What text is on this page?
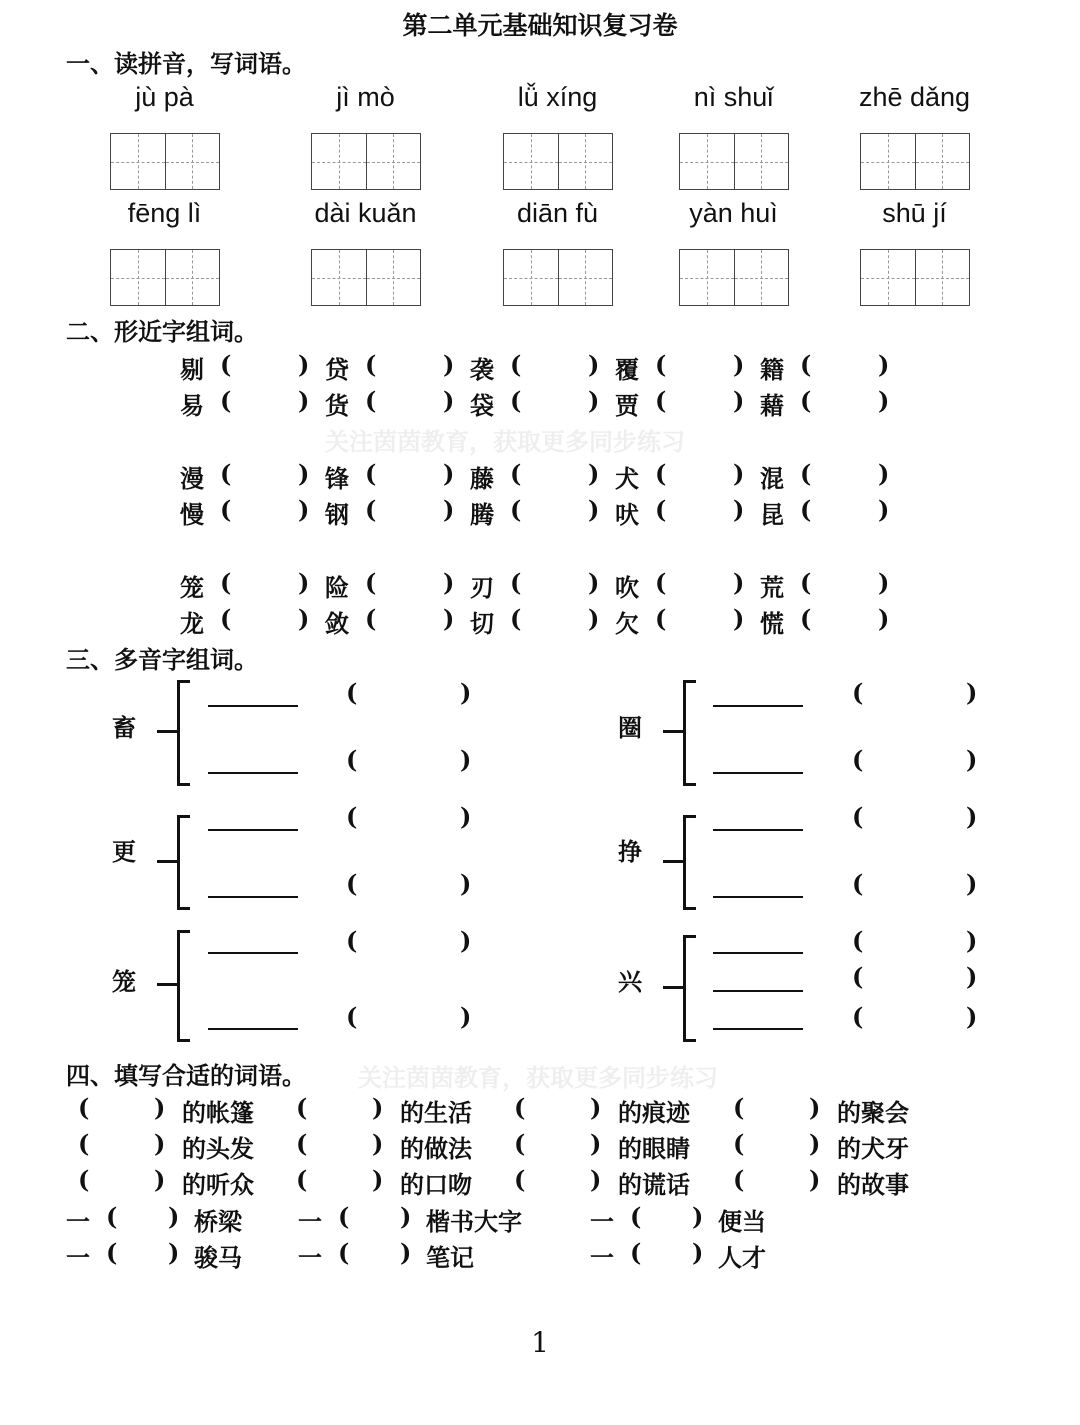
第二单元基础知识复习卷
一、读拼音，写词语。
二、形近字组词。
关注茵茵教育，获取更多同步练习
三、多音字组词。
四、填写合适的词语。 关注茵茵教育，获取更多同步练习
1
jù pà	jì mò	lǚ xíng	nì shuǐ	zhē dǎng
fēng lì	dài kuǎn	diān fù	yàn huì	shū jí
剔 (	) 贷 (	) 袭 (	) 覆 (	) 籍 (	)
易 (	) 货 (	) 袋 (	) 贾 (	) 藉 (	)
漫 (	) 锋 (	) 藤 (	) 犬 (	) 混 (	)
慢 (	) 钢 (	) 腾 (	) 吠 (	) 昆 (	)
笼 (	) 险 (	) 刃 (	) 吹 (	) 荒 (	)
龙 (	) 敛 (	) 切 (	) 欠 (	) 慌 (	)
畜
(	)
(	)
圈
(	)
(	)
更
(	)
(	)
挣
(	)
(	)
笼
(	)
(	)
兴
(	)
(	)
(	)
(	) 的帐篷 (	) 的生活 (	) 的痕迹 (	) 的聚会
(	) 的头发 (	) 的做法 (	) 的眼睛 (	) 的犬牙
(	) 的听众 (	) 的口吻 (	) 的谎话 (	) 的故事
一 ( ) 桥梁 一 ( ) 楷书大字	一 ( ) 便当
一 ( ) 骏马 一 ( ) 笔记	一 ( ) 人才
